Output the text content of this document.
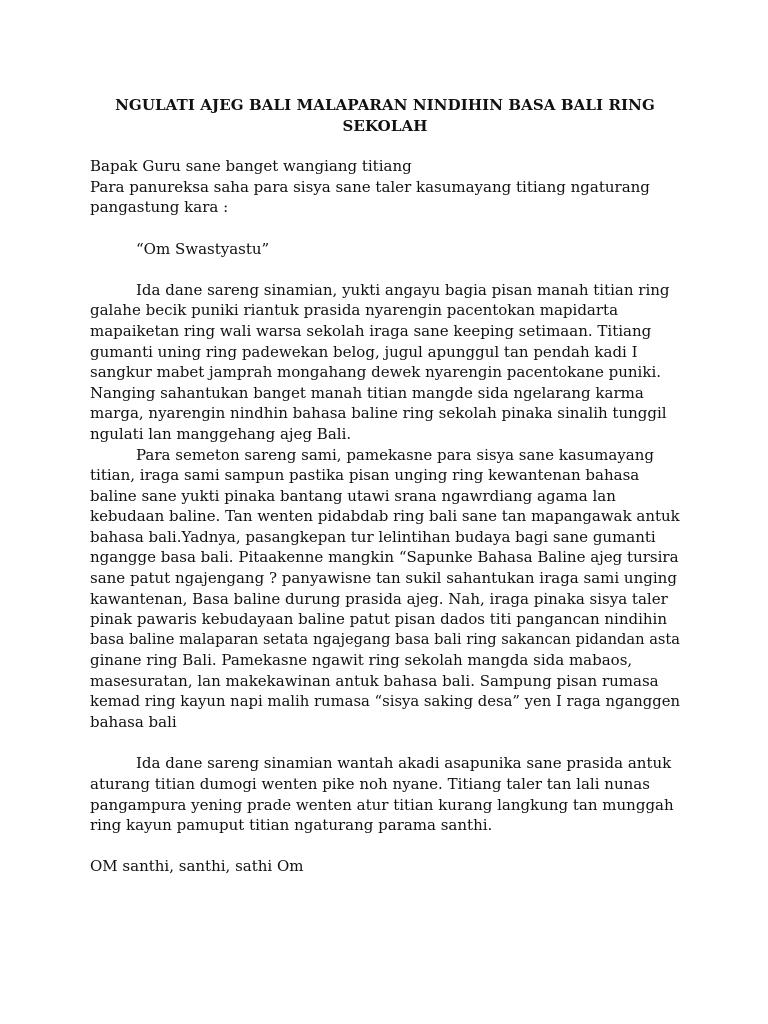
NGULATI AJEG BALI MALAPARAN NINDIHIN BASA BALI RING
SEKOLAH
Bapak Guru sane banget wangiang titiang
Para panureksa saha para sisya sane taler kasumayang titiang ngaturang
pangastung kara :
“Om Swastyastu”
Ida dane sareng sinamian, yukti angayu bagia pisan manah titian ring
galahe becik puniki riantuk prasida nyarengin pacentokan mapidarta
mapaiketan ring wali warsa sekolah iraga sane keeping setimaan. Titiang
gumanti uning ring padewekan belog, jugul apunggul tan pendah kadi I
sangkur mabet jamprah mongahang dewek nyarengin pacentokane puniki.
Nanging sahantukan banget manah titian mangde sida ngelarang karma
marga, nyarengin nindhin bahasa baline ring sekolah pinaka sinalih tunggil
ngulati lan manggehang ajeg Bali.
Para semeton sareng sami, pamekasne para sisya sane kasumayang
titian, iraga sami sampun pastika pisan unging ring kewantenan bahasa
baline sane yukti pinaka bantang utawi srana ngawrdiang agama lan
kebudaan baline. Tan wenten pidabdab ring bali sane tan mapangawak antuk
bahasa bali.Yadnya, pasangkepan tur lelintihan budaya bagi sane gumanti
ngangge basa bali. Pitaakenne mangkin “Sapunke Bahasa Baline ajeg tursira
sane patut ngajengang ? panyawisne tan sukil sahantukan iraga sami unging
kawantenan, Basa baline durung prasida ajeg. Nah, iraga pinaka sisya taler
pinak pawaris kebudayaan baline patut pisan dados titi pangancan nindihin
basa baline malaparan setata ngajegang basa bali ring sakancan pidandan asta
ginane ring Bali. Pamekasne ngawit ring sekolah mangda sida mabaos,
masesuratan, lan makekawinan antuk bahasa bali. Sampung pisan rumasa
kemad ring kayun napi malih rumasa “sisya saking desa” yen I raga nganggen
bahasa bali
Ida dane sareng sinamian wantah akadi asapunika sane prasida antuk
aturang titian dumogi wenten pike noh nyane. Titiang taler tan lali nunas
pangampura yening prade wenten atur titian kurang langkung tan munggah
ring kayun pamuput titian ngaturang parama santhi.
OM santhi, santhi, sathi Om
